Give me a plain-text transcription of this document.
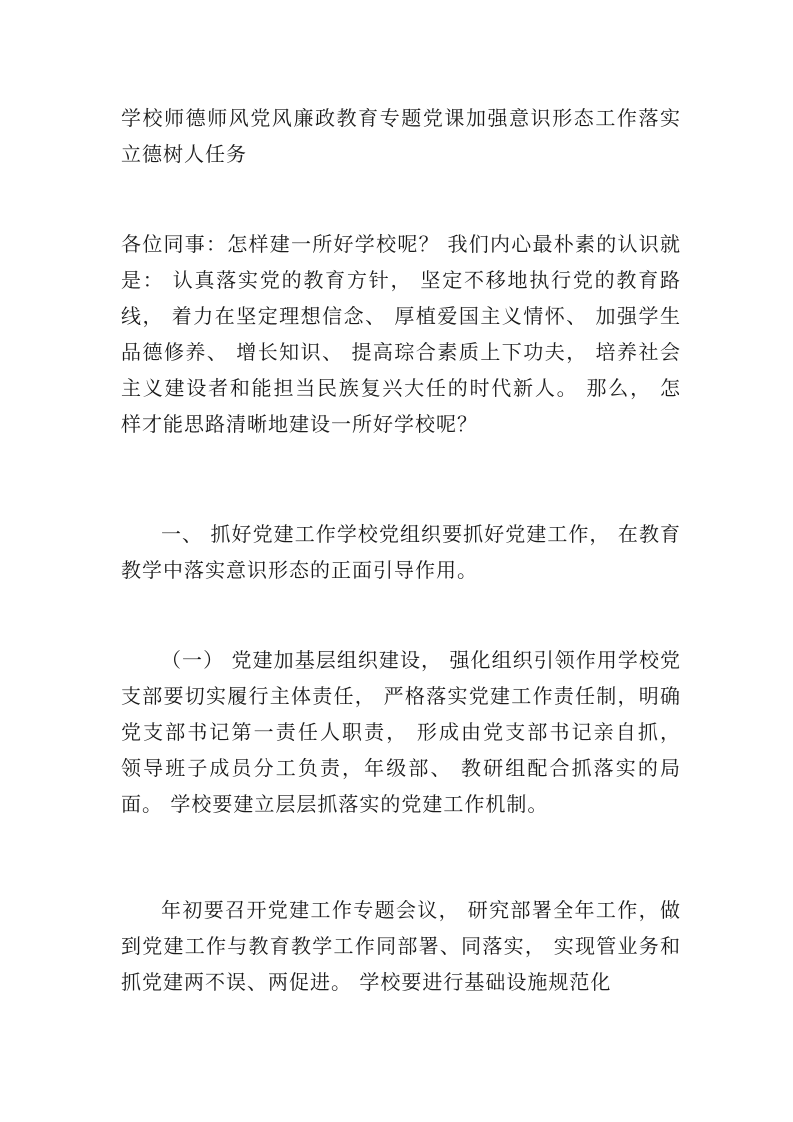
学校师德师风党风廉政教育专题党课加强意识形态工作落实立德树人任务
各位同事：怎样建一所好学校呢？ 我们内心最朴素的认识就是： 认真落实党的教育方针， 坚定不移地执行党的教育路线， 着力在坚定理想信念、 厚植爱国主义情怀、 加强学生品德修养、 增长知识、 提高琮合素质上下功夫， 培养社会主义建设者和能担当民族复兴大任的时代新人。 那么， 怎样才能思路清晰地建设一所好学校呢？
一、 抓好党建工作学校党组织要抓好党建工作， 在教育教学中落实意识形态的正面引导作用。
（一） 党建加基层组织建设， 强化组织引领作用学校党支部要切实履行主体责任， 严格落实党建工作责任制，明确党支部书记第一责任人职责， 形成由党支部书记亲自抓， 领导班子成员分工负责，年级部、 教研组配合抓落实的局面。 学校要建立层层抓落实的党建工作机制。
年初要召开党建工作专题会议， 研究部署全年工作，做到党建工作与教育教学工作同部署、同落实， 实现管业务和抓党建两不误、两促进。 学校要进行基础设施规范化
